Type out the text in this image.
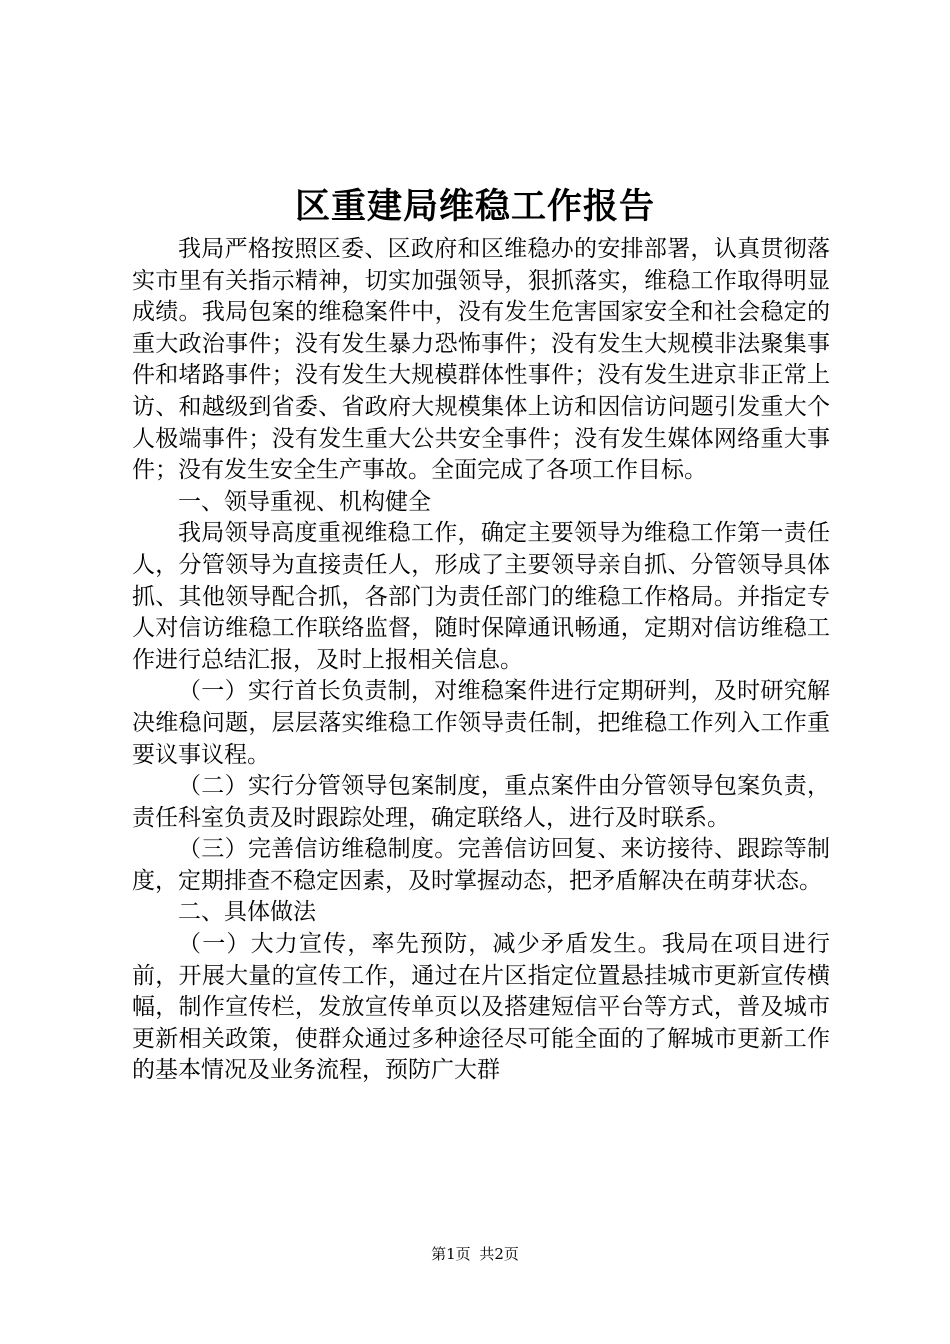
区重建局维稳工作报告

我局严格按照区委、区政府和区维稳办的安排部署，认真贯彻落实市里有关指示精神，切实加强领导，狠抓落实，维稳工作取得明显成绩。我局包案的维稳案件中，没有发生危害国家安全和社会稳定的重大政治事件；没有发生暴力恐怖事件；没有发生大规模非法聚集事件和堵路事件；没有发生大规模群体性事件；没有发生进京非正常上访、和越级到省委、省政府大规模集体上访和因信访问题引发重大个人极端事件；没有发生重大公共安全事件；没有发生媒体网络重大事件；没有发生安全生产事故。全面完成了各项工作目标。

一、领导重视、机构健全

我局领导高度重视维稳工作，确定主要领导为维稳工作第一责任人，分管领导为直接责任人，形成了主要领导亲自抓、分管领导具体抓、其他领导配合抓，各部门为责任部门的维稳工作格局。并指定专人对信访维稳工作联络监督，随时保障通讯畅通，定期对信访维稳工作进行总结汇报，及时上报相关信息。

（一）实行首长负责制，对维稳案件进行定期研判，及时研究解决维稳问题，层层落实维稳工作领导责任制，把维稳工作列入工作重要议事议程。

（二）实行分管领导包案制度，重点案件由分管领导包案负责，责任科室负责及时跟踪处理，确定联络人，进行及时联系。

（三）完善信访维稳制度。完善信访回复、来访接待、跟踪等制度，定期排查不稳定因素，及时掌握动态，把矛盾解决在萌芽状态。

二、具体做法

（一）大力宣传，率先预防，减少矛盾发生。我局在项目进行前，开展大量的宣传工作，通过在片区指定位置悬挂城市更新宣传横幅，制作宣传栏，发放宣传单页以及搭建短信平台等方式，普及城市更新相关政策，使群众通过多种途径尽可能全面的了解城市更新工作的基本情况及业务流程，预防广大群

第1页 共2页
